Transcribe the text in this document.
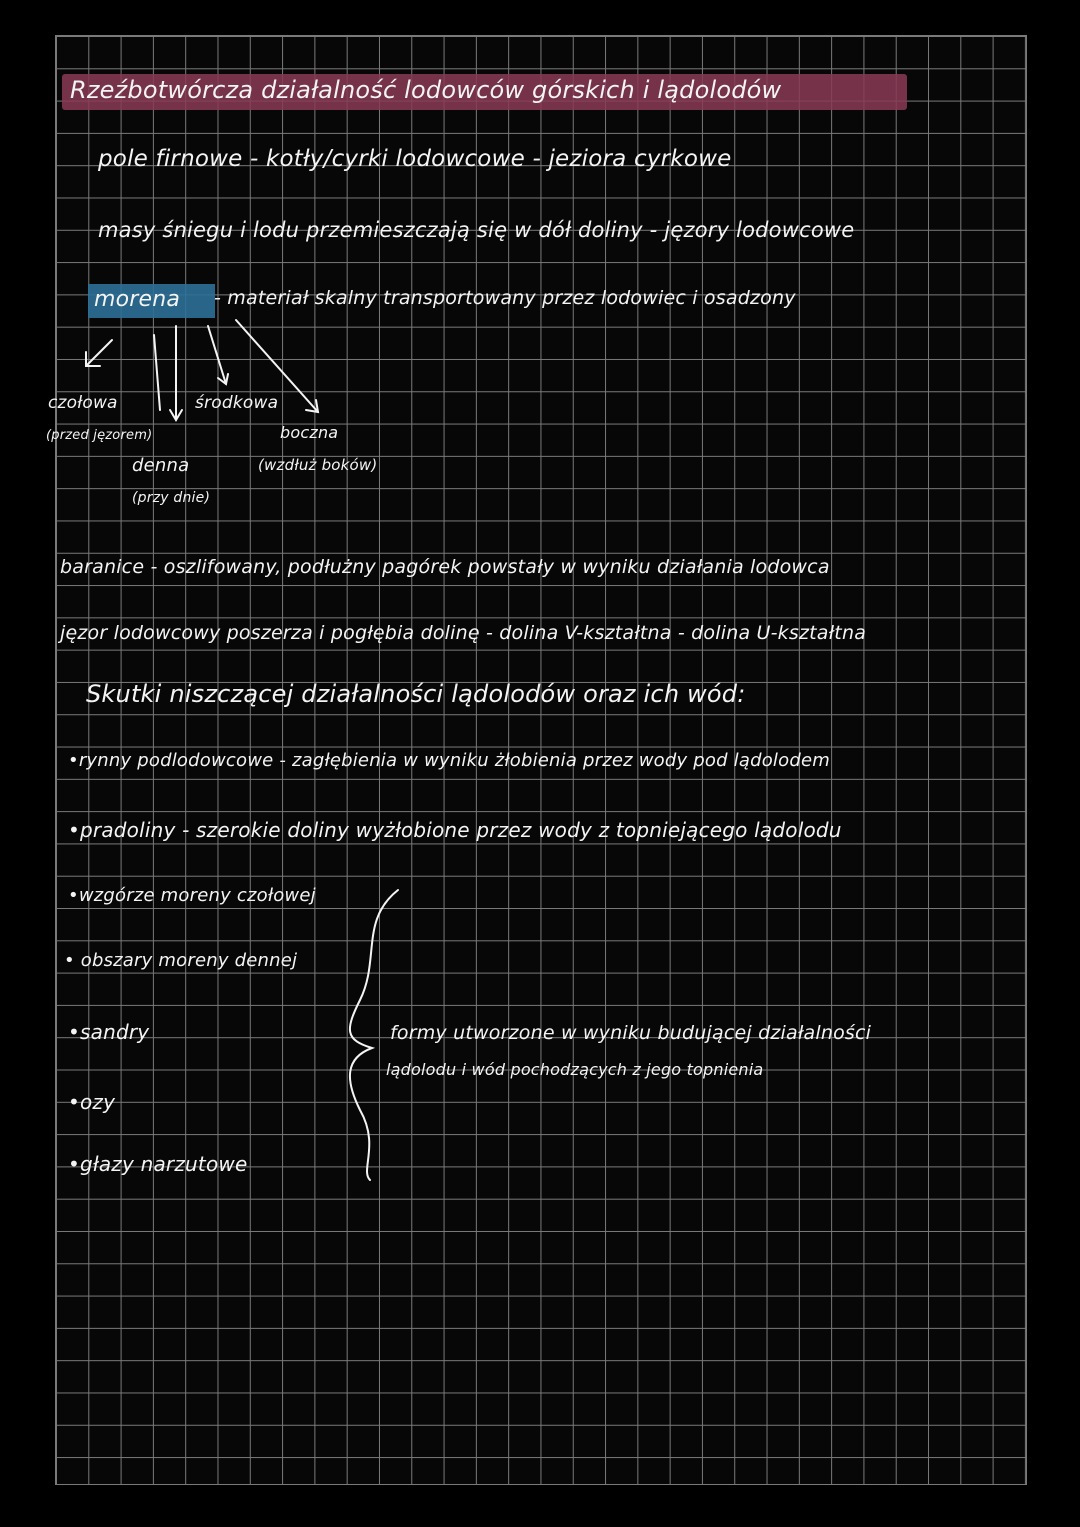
Rzeźbotwórcza działalność lodowców górskich i lądolodów
pole firnowe - kotły/cyrki lodowcowe - jeziora cyrkowe
masy śniegu i lodu przemieszczają się w dół doliny - jęzory lodowcowe
morena - materiał skalny transportowany przez lodowiec i osadzony
czołowa
(przed jęzorem)
środkowa
denna
(przy dnie)
boczna
(wzdłuż boków)
baranice - oszlifowany, podłużny pagórek powstały w wyniku działania lodowca
jęzor lodowcowy poszerza i pogłębia dolinę - dolina V-kształtna - dolina U-kształtna
Skutki niszczącej działalności lądolodów oraz ich wód:
•rynny podlodowcowe - zagłębienia w wyniku żłobienia przez wody pod lądolodem
•pradoliny - szerokie doliny wyżłobione przez wody z topniejącego lądolodu
•wzgórze moreny czołowej
• obszary moreny dennej
•sandry
•ozy
•głazy narzutowe
formy utworzone w wyniku budującej działalności
lądolodu i wód pochodzących z jego topnienia
